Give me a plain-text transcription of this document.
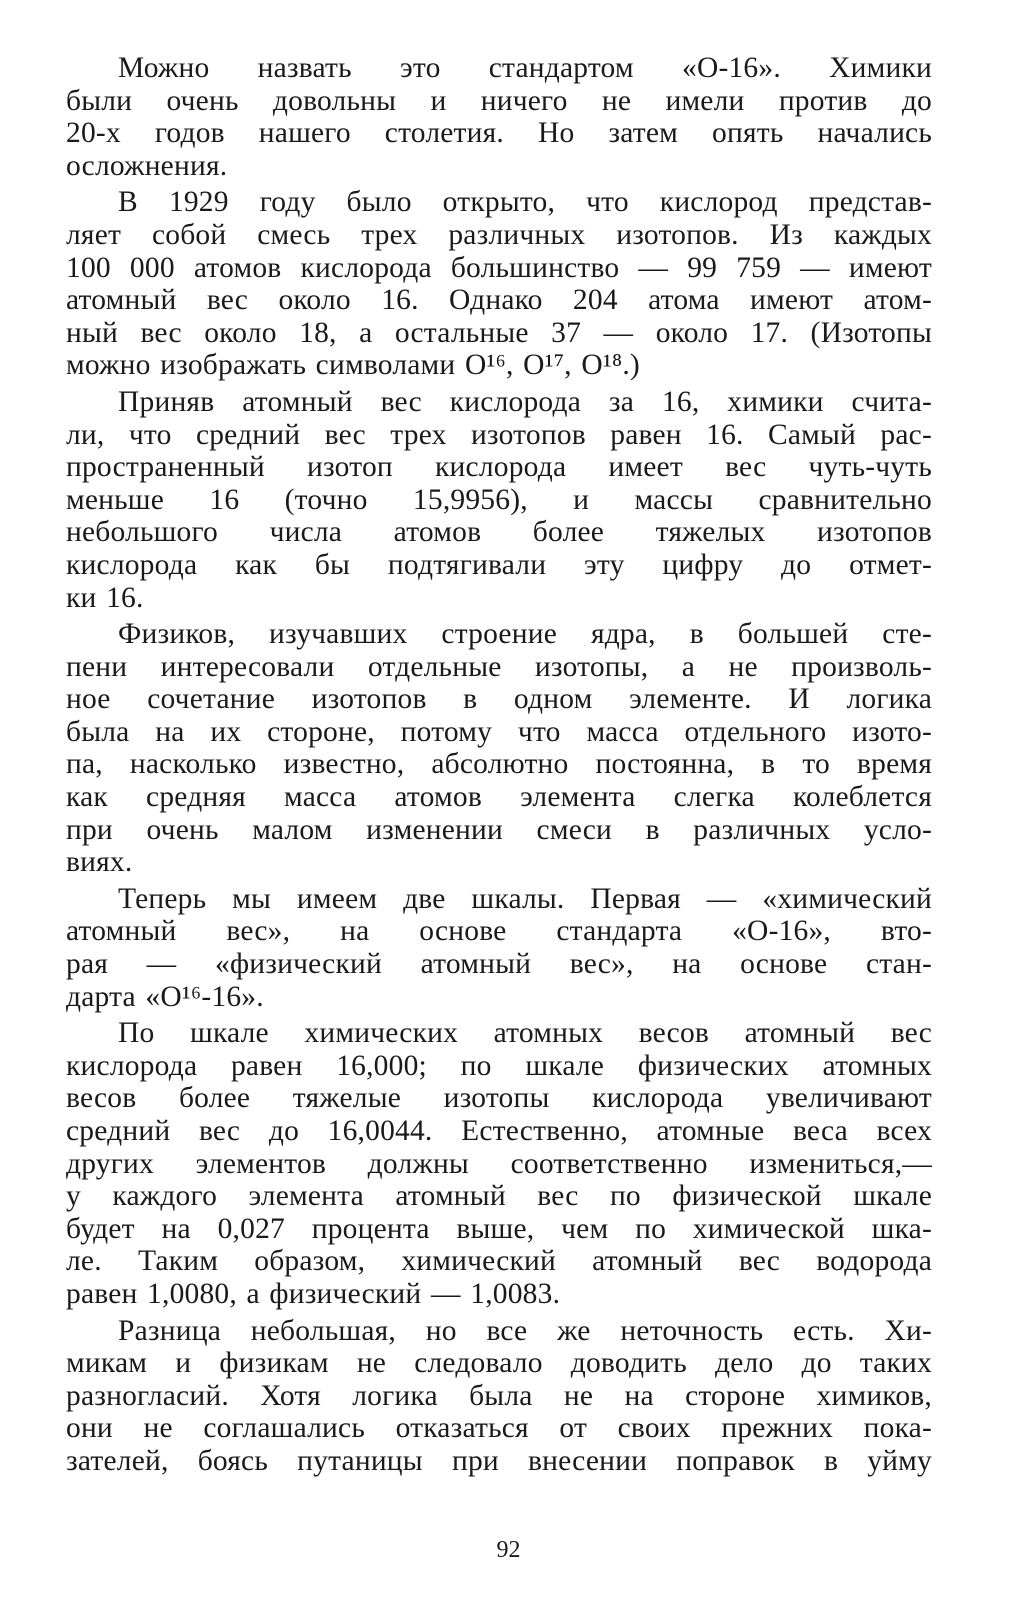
Можно назвать это стандартом «O-16». Химики
были очень довольны и ничего не имели против до
20-х годов нашего столетия. Но затем опять начались
осложнения.

В 1929 году было открыто, что кислород представ-
ляет собой смесь трех различных изотопов. Из каждых
100 000 атомов кислорода большинство — 99 759 — имеют
атомный вес около 16. Однако 204 атома имеют атом-
ный вес около 18, а остальные 37 — около 17. (Изотопы
можно изображать символами O¹⁶, O¹⁷, O¹⁸.)

Приняв атомный вес кислорода за 16, химики счита-
ли, что средний вес трех изотопов равен 16. Самый рас-
пространенный изотоп кислорода имеет вес чуть-чуть
меньше 16 (точно 15,9956), и массы сравнительно
небольшого числа атомов более тяжелых изотопов
кислорода как бы подтягивали эту цифру до отмет-
ки 16.

Физиков, изучавших строение ядра, в большей сте-
пени интересовали отдельные изотопы, а не произволь-
ное сочетание изотопов в одном элементе. И логика
была на их стороне, потому что масса отдельного изото-
па, насколько известно, абсолютно постоянна, в то время
как средняя масса атомов элемента слегка колеблется
при очень малом изменении смеси в различных усло-
виях.

Теперь мы имеем две шкалы. Первая — «химический
атомный вес», на основе стандарта «O-16», вто-
рая — «физический атомный вес», на основе стан-
дарта «O¹⁶-16».

По шкале химических атомных весов атомный вес
кислорода равен 16,000; по шкале физических атомных
весов более тяжелые изотопы кислорода увеличивают
средний вес до 16,0044. Естественно, атомные веса всех
других элементов должны соответственно измениться,—
у каждого элемента атомный вес по физической шкале
будет на 0,027 процента выше, чем по химической шка-
ле. Таким образом, химический атомный вес водорода
равен 1,0080, а физический — 1,0083.

Разница небольшая, но все же неточность есть. Хи-
микам и физикам не следовало доводить дело до таких
разногласий. Хотя логика была не на стороне химиков,
они не соглашались отказаться от своих прежних пока-
зателей, боясь путаницы при внесении поправок в уйму

92
